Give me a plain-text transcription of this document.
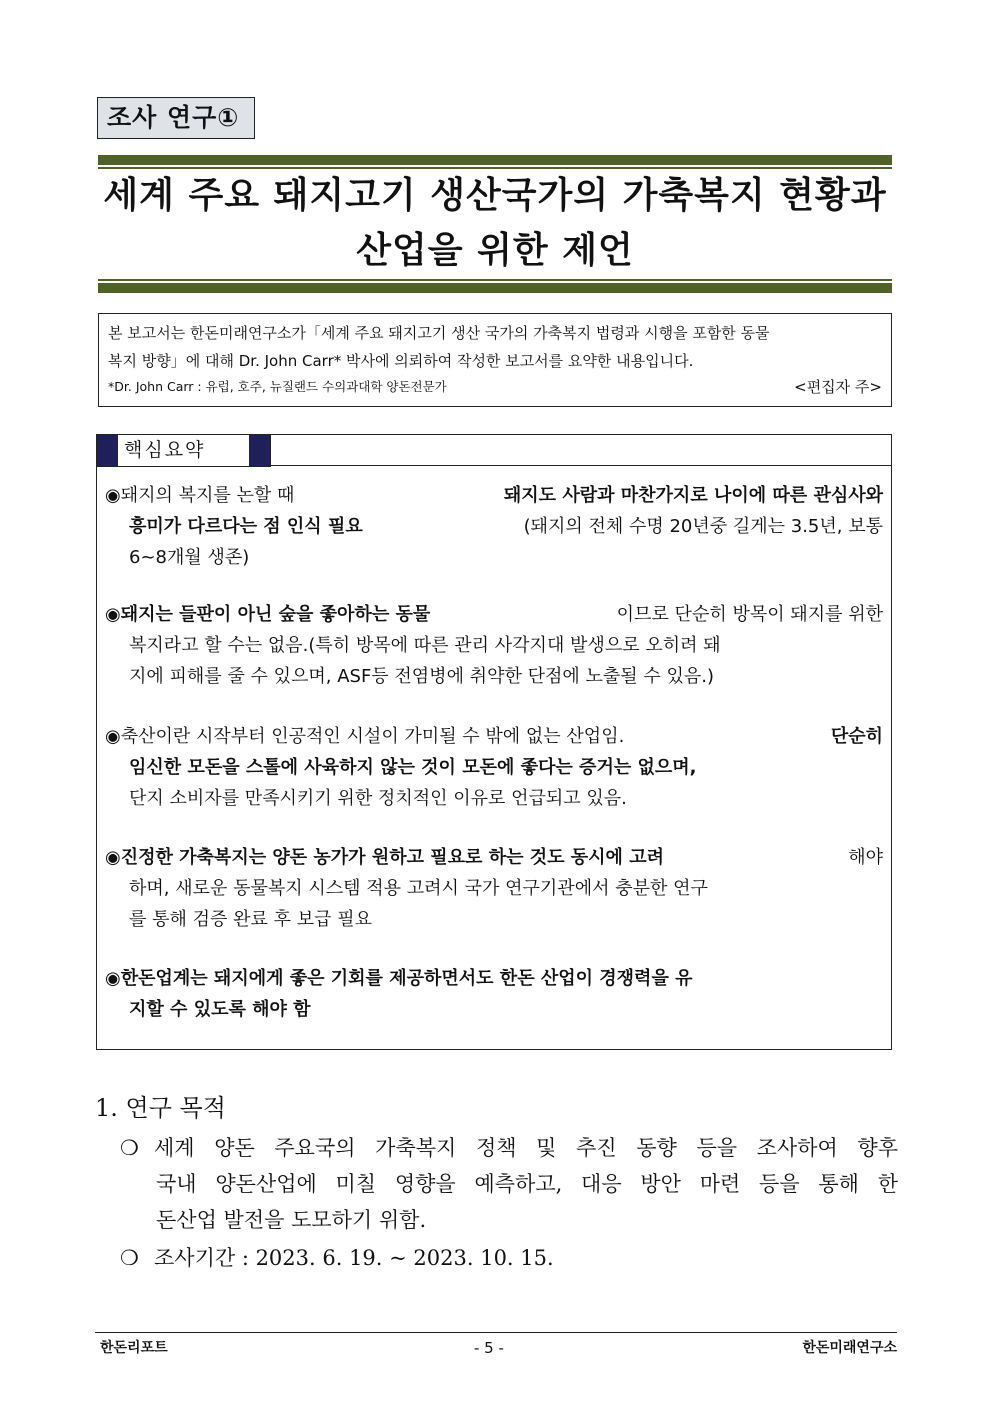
조사 연구①
세계 주요 돼지고기 생산국가의 가축복지 현황과
산업을 위한 제언
본 보고서는 한돈미래연구소가「세계 주요 돼지고기 생산 국가의 가축복지 법령과 시행을 포함한 동물
복지 방향」에 대해 Dr. John Carr* 박사에 의뢰하여 작성한 보고서를 요약한 내용입니다.
*Dr. John Carr : 유럽, 호주, 뉴질랜드 수의과대학 양돈전문가	<편집자 주>
핵심요약
◉돼지의 복지를 논할 때	돼지도 사람과 마찬가지로 나이에 따른 관심사와
흥미가 다르다는 점 인식 필요	(돼지의 전체 수명 20년중 길게는 3.5년, 보통
6~8개월 생존)
◉돼지는 들판이 아닌 숲을 좋아하는 동물	이므로 단순히 방목이 돼지를 위한
복지라고 할 수는 없음.(특히 방목에 따른 관리 사각지대 발생으로 오히려 돼
지에 피해를 줄 수 있으며, ASF등 전염병에 취약한 단점에 노출될 수 있음.)
◉축산이란 시작부터 인공적인 시설이 가미될 수 밖에 없는 산업임.	단순히
임신한 모돈을 스톨에 사육하지 않는 것이 모돈에 좋다는 증거는 없으며,
단지 소비자를 만족시키기 위한 정치적인 이유로 언급되고 있음.
◉진정한 가축복지는 양돈 농가가 원하고 필요로 하는 것도 동시에 고려	해야
하며, 새로운 동물복지 시스템 적용 고려시 국가 연구기관에서 충분한 연구
를 통해 검증 완료 후 보급 필요
◉한돈업계는 돼지에게 좋은 기회를 제공하면서도 한돈 산업이 경쟁력을 유
지할 수 있도록 해야 함
1. 연구 목적
❍ 세계 양돈 주요국의 가축복지 정책 및 추진 동향 등을 조사하여 향후
국내 양돈산업에 미칠 영향을 예측하고, 대응 방안 마련 등을 통해 한
돈산업 발전을 도모하기 위함.
❍ 조사기간 : 2023. 6. 19. ~ 2023. 10. 15.
한돈리포트	- 5 -	한돈미래연구소
